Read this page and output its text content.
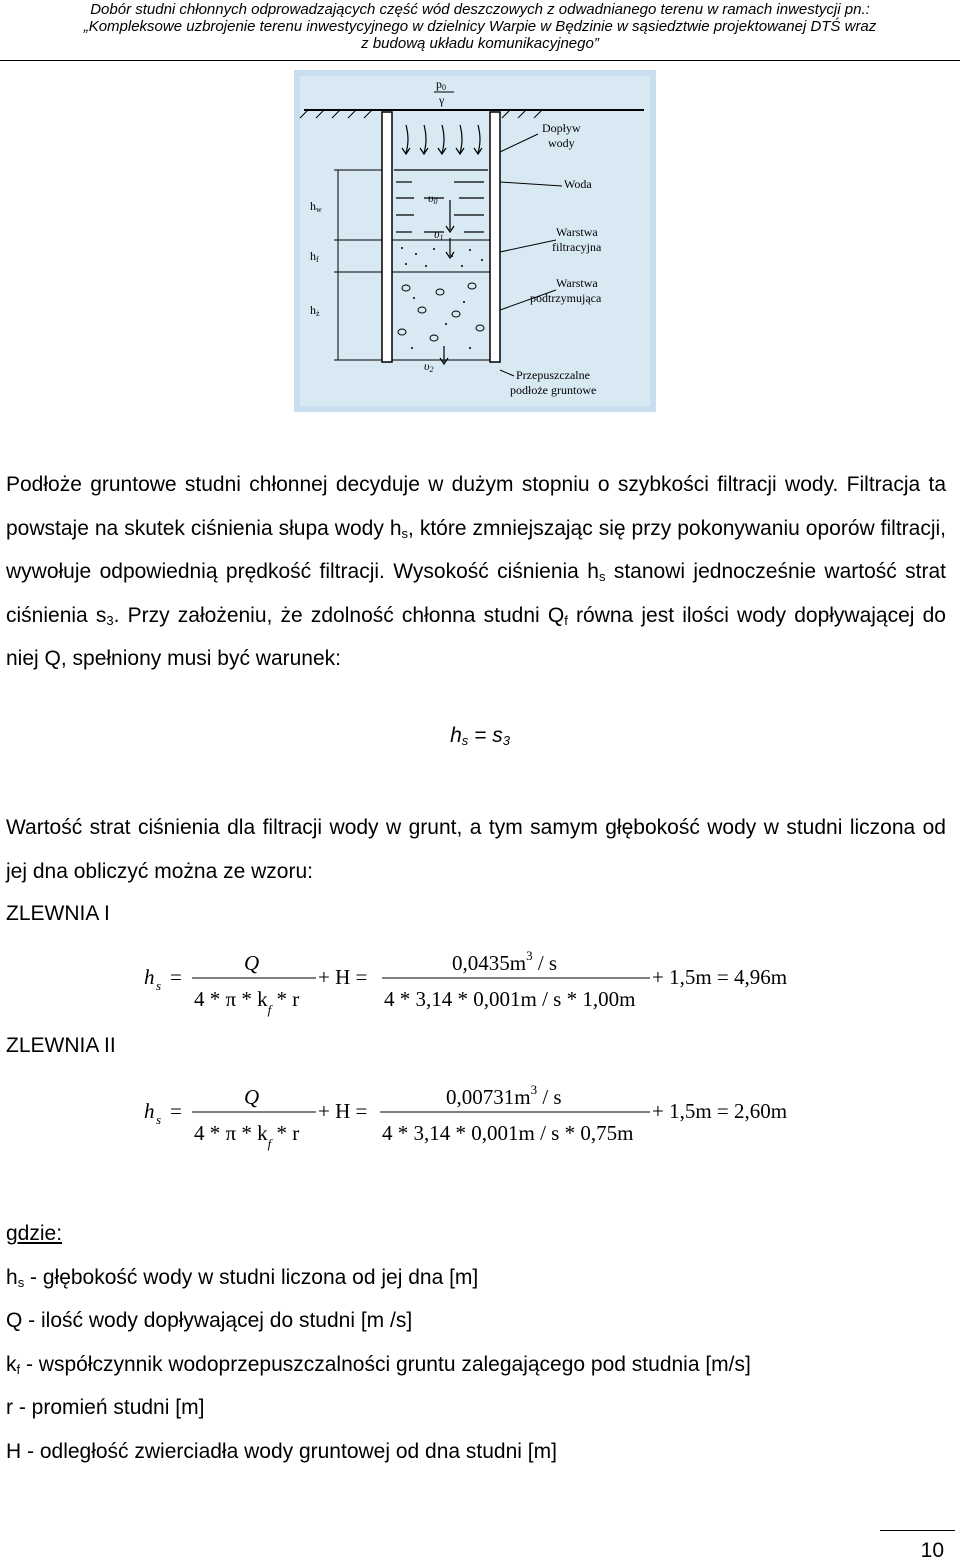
Dobór studni chłonnych odprowadzających część wód deszczowych z odwadnianego terenu w ramach inwestycji pn.:
„Kompleksowe uzbrojenie terenu inwestycyjnego w dzielnicy Warpie w Będzinie w sąsiedztwie projektowanej DTŚ wraz
z budową układu komunikacyjnego”
p0
γ
Dopływ
wody
Woda
Warstwa
filtracyjna
Warstwa
podtrzymująca
Przepuszczalne
podłoże gruntowe
hw
hf
hż
υ0
υ1
υ2
Podłoże gruntowe studni chłonnej decyduje w dużym stopniu o szybkości filtracji wody. Filtracja ta powstaje na skutek ciśnienia słupa wody $h_s$, które zmniejszając się przy pokonywaniu oporów filtracji, wywołuje odpowiednią prędkość filtracji. Wysokość ciśnienia $h_s$ stanowi jednocześnie wartość strat ciśnienia $s_3$. Przy założeniu, że zdolność chłonna studni $Q_f$ równa jest ilości wody dopływającej do niej Q, spełniony musi być warunek:
$h_s = s_3$
Wartość strat ciśnienia dla filtracji wody w grunt, a tym samym głębokość wody w studni liczona od jej dna obliczyć można ze wzoru:
ZLEWNIA I
h s =
Q
4 * π * $k_f$ * r
+ H =
$0,0435m^3$ / s
4 * 3,14 * 0,001m / s * 1,00m
+ 1,5m = 4,96m
ZLEWNIA II
h s =
Q
4 * π * $k_f$ * r
+ H =
$0,00731m^3$ / s
4 * 3,14 * 0,001m / s * 0,75m
+ 1,5m = 2,60m
gdzie:
$h_s$ - głębokość wody w studni liczona od jej dna [m]
Q - ilość wody dopływającej do studni [m /s]
$k_f$ - współczynnik wodoprzepuszczalności gruntu zalegającego pod studnia [m/s]
r - promień studni [m]
H - odległość zwierciadła wody gruntowej od dna studni [m]
10
